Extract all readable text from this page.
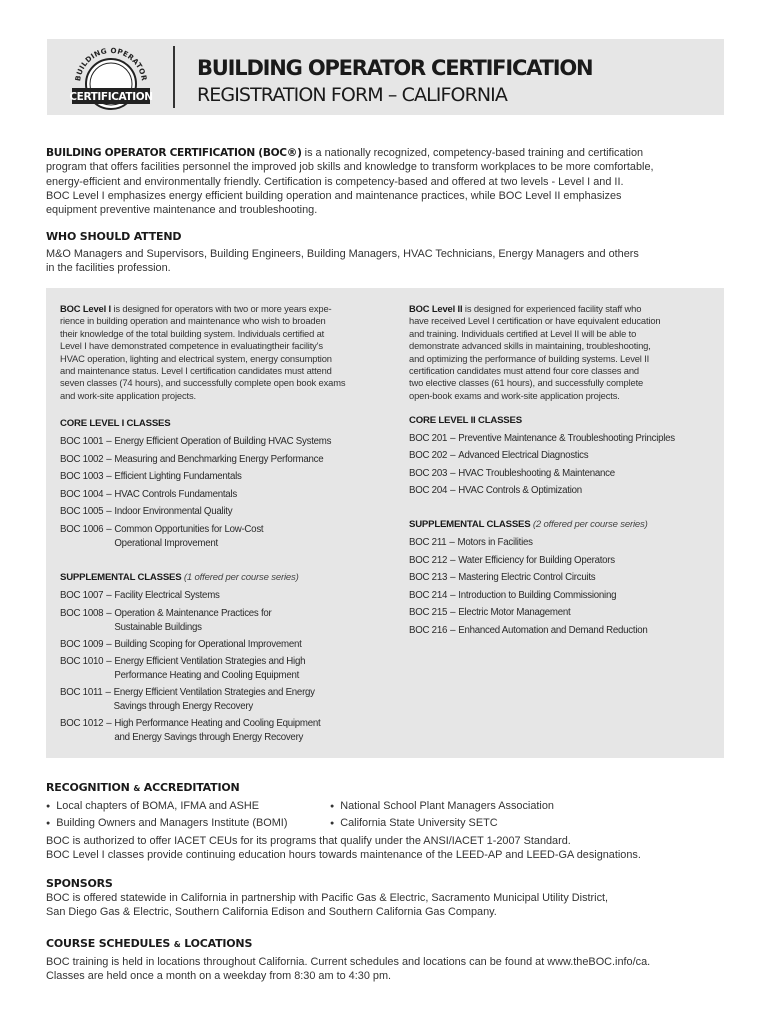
BUILDING OPERATOR
CERTIFICATION
BUILDING OPERATOR CERTIFICATION
REGISTRATION FORM – CALIFORNIA
BUILDING OPERATOR CERTIFICATION (BOC®) is a nationally recognized, competency-based training and certification
program that offers facilities personnel the improved job skills and knowledge to transform workplaces to be more comfortable,
energy-efficient and environmentally friendly. Certification is competency-based and offered at two levels - Level I and II.
BOC Level I emphasizes energy efficient building operation and maintenance practices, while BOC Level II emphasizes
equipment preventive maintenance and troubleshooting.
WHO SHOULD ATTEND
M&O Managers and Supervisors, Building Engineers, Building Managers, HVAC Technicians, Energy Managers and others
in the facilities profession.
BOC Level I is designed for operators with two or more years expe-
rience in building operation and maintenance who wish to broaden
their knowledge of the total building system. Individuals certified at
Level I have demonstrated competence in evaluatingtheir facility's
HVAC operation, lighting and electrical system, energy consumption
and maintenance status. Level I certification candidates must attend
seven classes (74 hours), and successfully complete open book exams
and work-site application projects.
CORE LEVEL I CLASSES
BOC 1001 – Energy Efficient Operation of Building HVAC Systems
BOC 1002 – Measuring and Benchmarking Energy Performance
BOC 1003 – Efficient Lighting Fundamentals
BOC 1004 – HVAC Controls Fundamentals
BOC 1005 – Indoor Environmental Quality
BOC 1006 – Common Opportunities for Low-Cost
Operational Improvement
SUPPLEMENTAL CLASSES (1 offered per course series)
BOC 1007 – Facility Electrical Systems
BOC 1008 – Operation & Maintenance Practices for
Sustainable Buildings
BOC 1009 – Building Scoping for Operational Improvement
BOC 1010 – Energy Efficient Ventilation Strategies and High
Performance Heating and Cooling Equipment
BOC 1011 – Energy Efficient Ventilation Strategies and Energy
Savings through Energy Recovery
BOC 1012 – High Performance Heating and Cooling Equipment
and Energy Savings through Energy Recovery
BOC Level II is designed for experienced facility staff who
have received Level I certification or have equivalent education
and training. Individuals certified at Level II will be able to
demonstrate advanced skills in maintaining, troubleshooting,
and optimizing the performance of building systems. Level II
certification candidates must attend four core classes and
two elective classes (61 hours), and successfully complete
open-book exams and work-site application projects.
CORE LEVEL II CLASSES
BOC 201 – Preventive Maintenance & Troubleshooting Principles
BOC 202 – Advanced Electrical Diagnostics
BOC 203 – HVAC Troubleshooting & Maintenance
BOC 204 – HVAC Controls & Optimization
SUPPLEMENTAL CLASSES (2 offered per course series)
BOC 211 – Motors in Facilities
BOC 212 – Water Efficiency for Building Operators
BOC 213 – Mastering Electric Control Circuits
BOC 214 – Introduction to Building Commissioning
BOC 215 – Electric Motor Management
BOC 216 – Enhanced Automation and Demand Reduction
RECOGNITION & ACCREDITATION
● Local chapters of BOMA, IFMA and ASHE
● Building Owners and Managers Institute (BOMI)
● National School Plant Managers Association
● California State University SETC
BOC is authorized to offer IACET CEUs for its programs that qualify under the ANSI/IACET 1-2007 Standard.
BOC Level I classes provide continuing education hours towards maintenance of the LEED-AP and LEED-GA designations.
SPONSORS
BOC is offered statewide in California in partnership with Pacific Gas & Electric, Sacramento Municipal Utility District,
San Diego Gas & Electric, Southern California Edison and Southern California Gas Company.
COURSE SCHEDULES & LOCATIONS
BOC training is held in locations throughout California. Current schedules and locations can be found at www.theBOC.info/ca.
Classes are held once a month on a weekday from 8:30 am to 4:30 pm.
